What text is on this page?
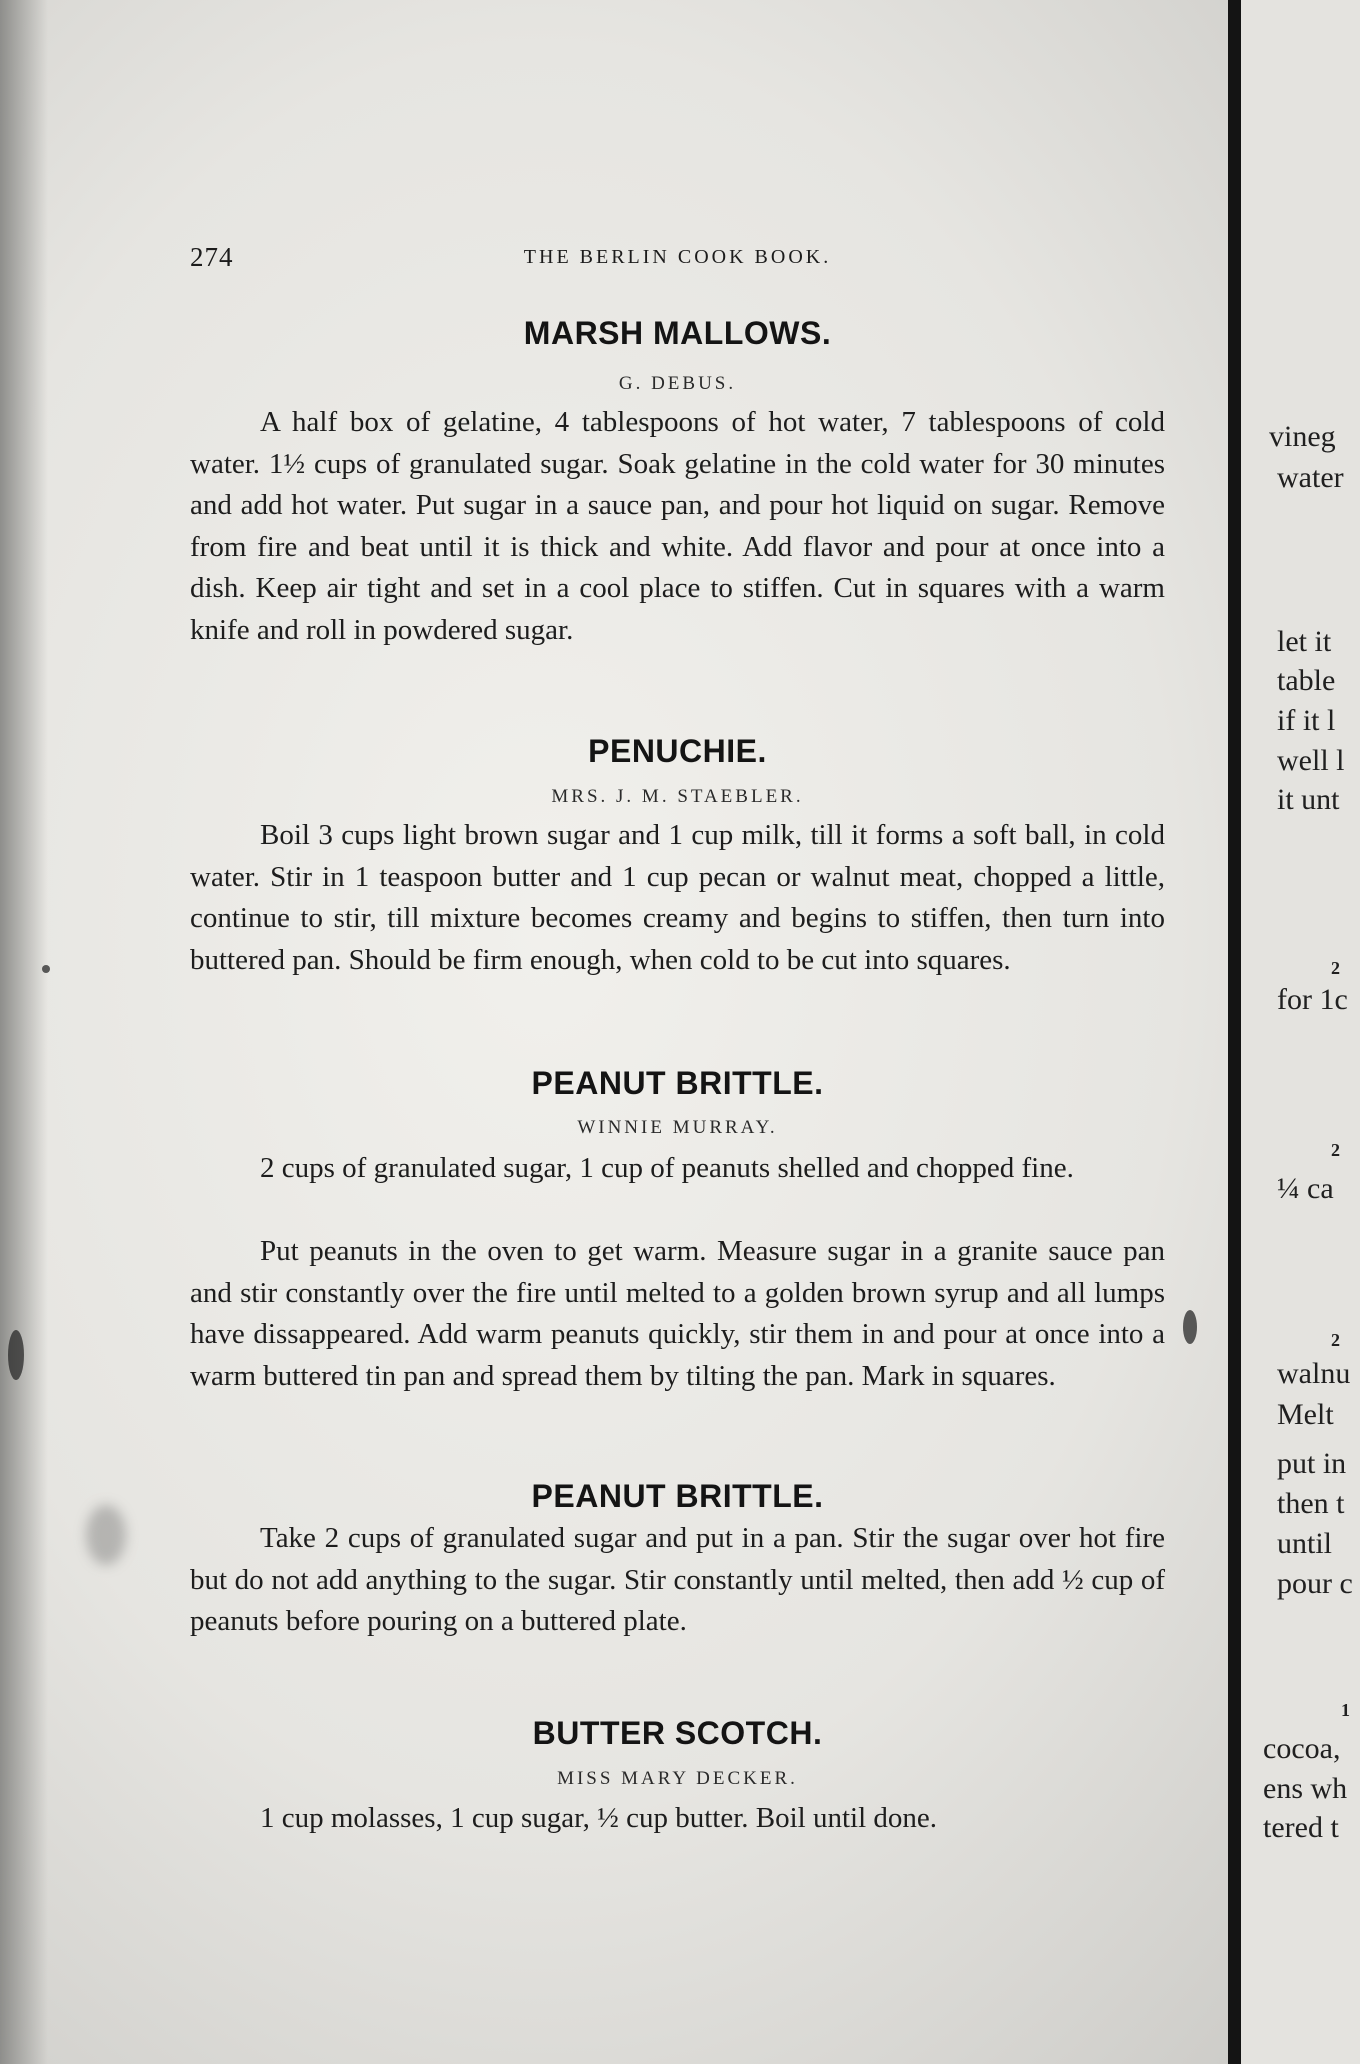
274	THE BERLIN COOK BOOK.
MARSH MALLOWS.
G. DEBUS.

A half box of gelatine, 4 tablespoons of hot water, 7 tablespoons of cold water. 1½ cups of granulated sugar. Soak gelatine in the cold water for 30 minutes and add hot water. Put sugar in a sauce pan, and pour hot liquid on sugar. Remove from fire and beat until it is thick and white. Add flavor and pour at once into a dish. Keep air tight and set in a cool place to stiffen. Cut in squares with a warm knife and roll in powdered sugar.

PENUCHIE.
MRS. J. M. STAEBLER.

Boil 3 cups light brown sugar and 1 cup milk, till it forms a soft ball, in cold water. Stir in 1 teaspoon butter and 1 cup pecan or walnut meat, chopped a little, continue to stir, till mixture becomes creamy and begins to stiffen, then turn into buttered pan. Should be firm enough, when cold to be cut into squares.

PEANUT BRITTLE.
WINNIE MURRAY.

2 cups of granulated sugar, 1 cup of peanuts shelled and chopped fine.

Put peanuts in the oven to get warm. Measure sugar in a granite sauce pan and stir constantly over the fire until melted to a golden brown syrup and all lumps have dissappeared. Add warm peanuts quickly, stir them in and pour at once into a warm buttered tin pan and spread them by tilting the pan. Mark in squares.

PEANUT BRITTLE.

Take 2 cups of granulated sugar and put in a pan. Stir the sugar over hot fire but do not add anything to the sugar. Stir constantly until melted, then add ½ cup of peanuts before pouring on a buttered plate.

BUTTER SCOTCH.
MISS MARY DECKER.

1 cup molasses, 1 cup sugar, ½ cup butter. Boil until done.

vineg
water
let it
table
if it l
well l
it unt
2
for 1c
2
¼ ca
2
walnu
Melt
put in
then t
until
pour c
1
cocoa,
ens wh
tered t
